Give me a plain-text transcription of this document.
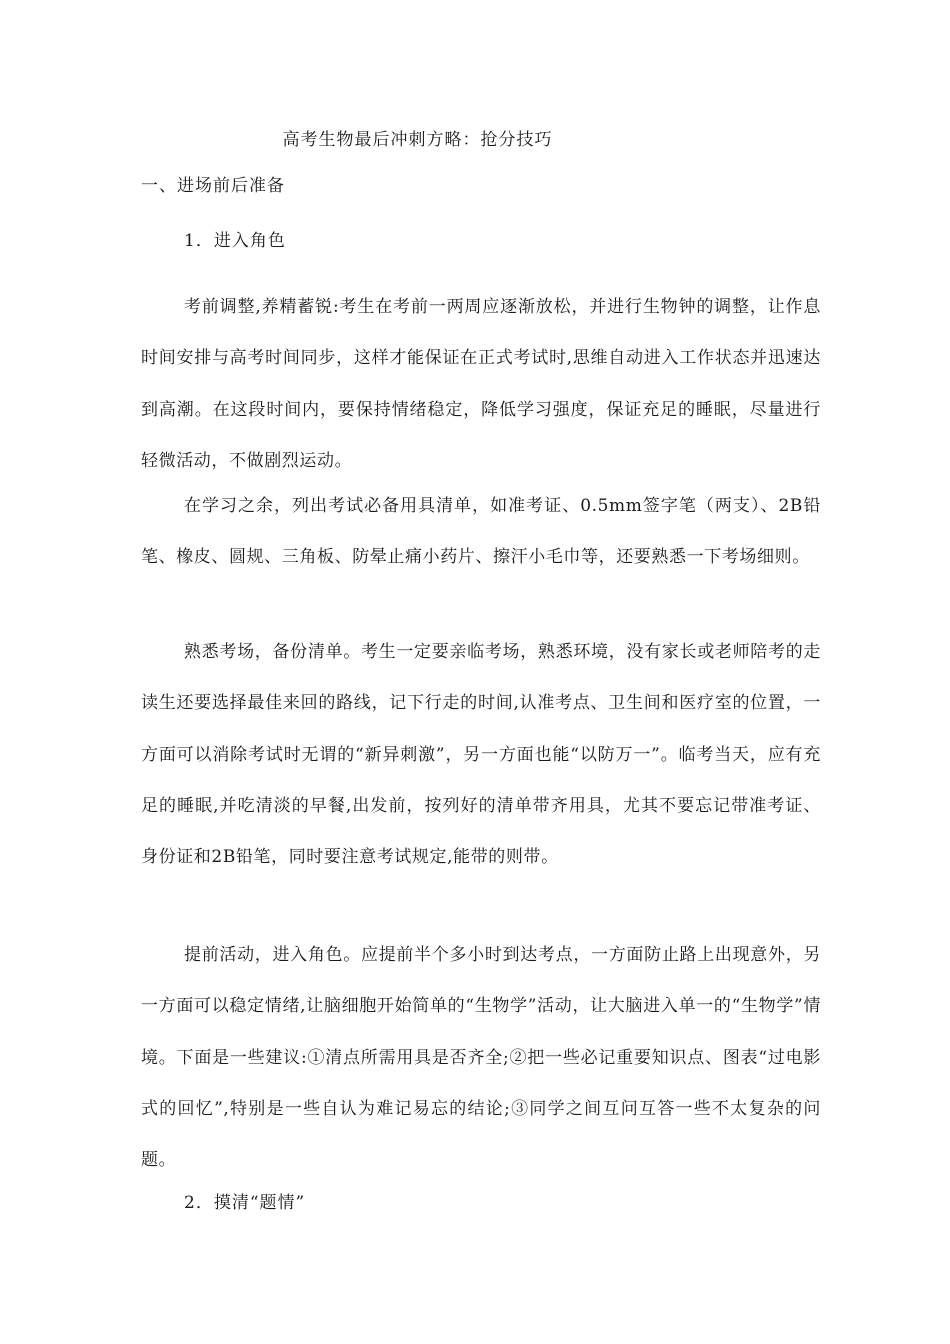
高考生物最后冲刺方略：抢分技巧
一、进场前后准备
1．进入角色

考前调整,养精蓄锐:考生在考前一两周应逐渐放松，并进行生物钟的调整，让作息时间安排与高考时间同步，这样才能保证在正式考试时,思维自动进入工作状态并迅速达到高潮。在这段时间内，要保持情绪稳定，降低学习强度，保证充足的睡眠，尽量进行轻微活动，不做剧烈运动。

在学习之余，列出考试必备用具清单，如准考证、0.5mm签字笔（两支）、2B铅笔、橡皮、圆规、三角板、防晕止痛小药片、擦汗小毛巾等，还要熟悉一下考场细则。

熟悉考场，备份清单。考生一定要亲临考场，熟悉环境，没有家长或老师陪考的走读生还要选择最佳来回的路线，记下行走的时间,认准考点、卫生间和医疗室的位置，一方面可以消除考试时无谓的“新异刺激”，另一方面也能“以防万一”。临考当天，应有充足的睡眠,并吃清淡的早餐,出发前，按列好的清单带齐用具，尤其不要忘记带准考证、身份证和2B铅笔，同时要注意考试规定,能带的则带。

提前活动，进入角色。应提前半个多小时到达考点，一方面防止路上出现意外，另一方面可以稳定情绪,让脑细胞开始简单的“生物学”活动，让大脑进入单一的“生物学”情境。下面是一些建议:①清点所需用具是否齐全;②把一些必记重要知识点、图表“过电影式的回忆”,特别是一些自认为难记易忘的结论;③同学之间互问互答一些不太复杂的问题。

2．摸清“题情”
